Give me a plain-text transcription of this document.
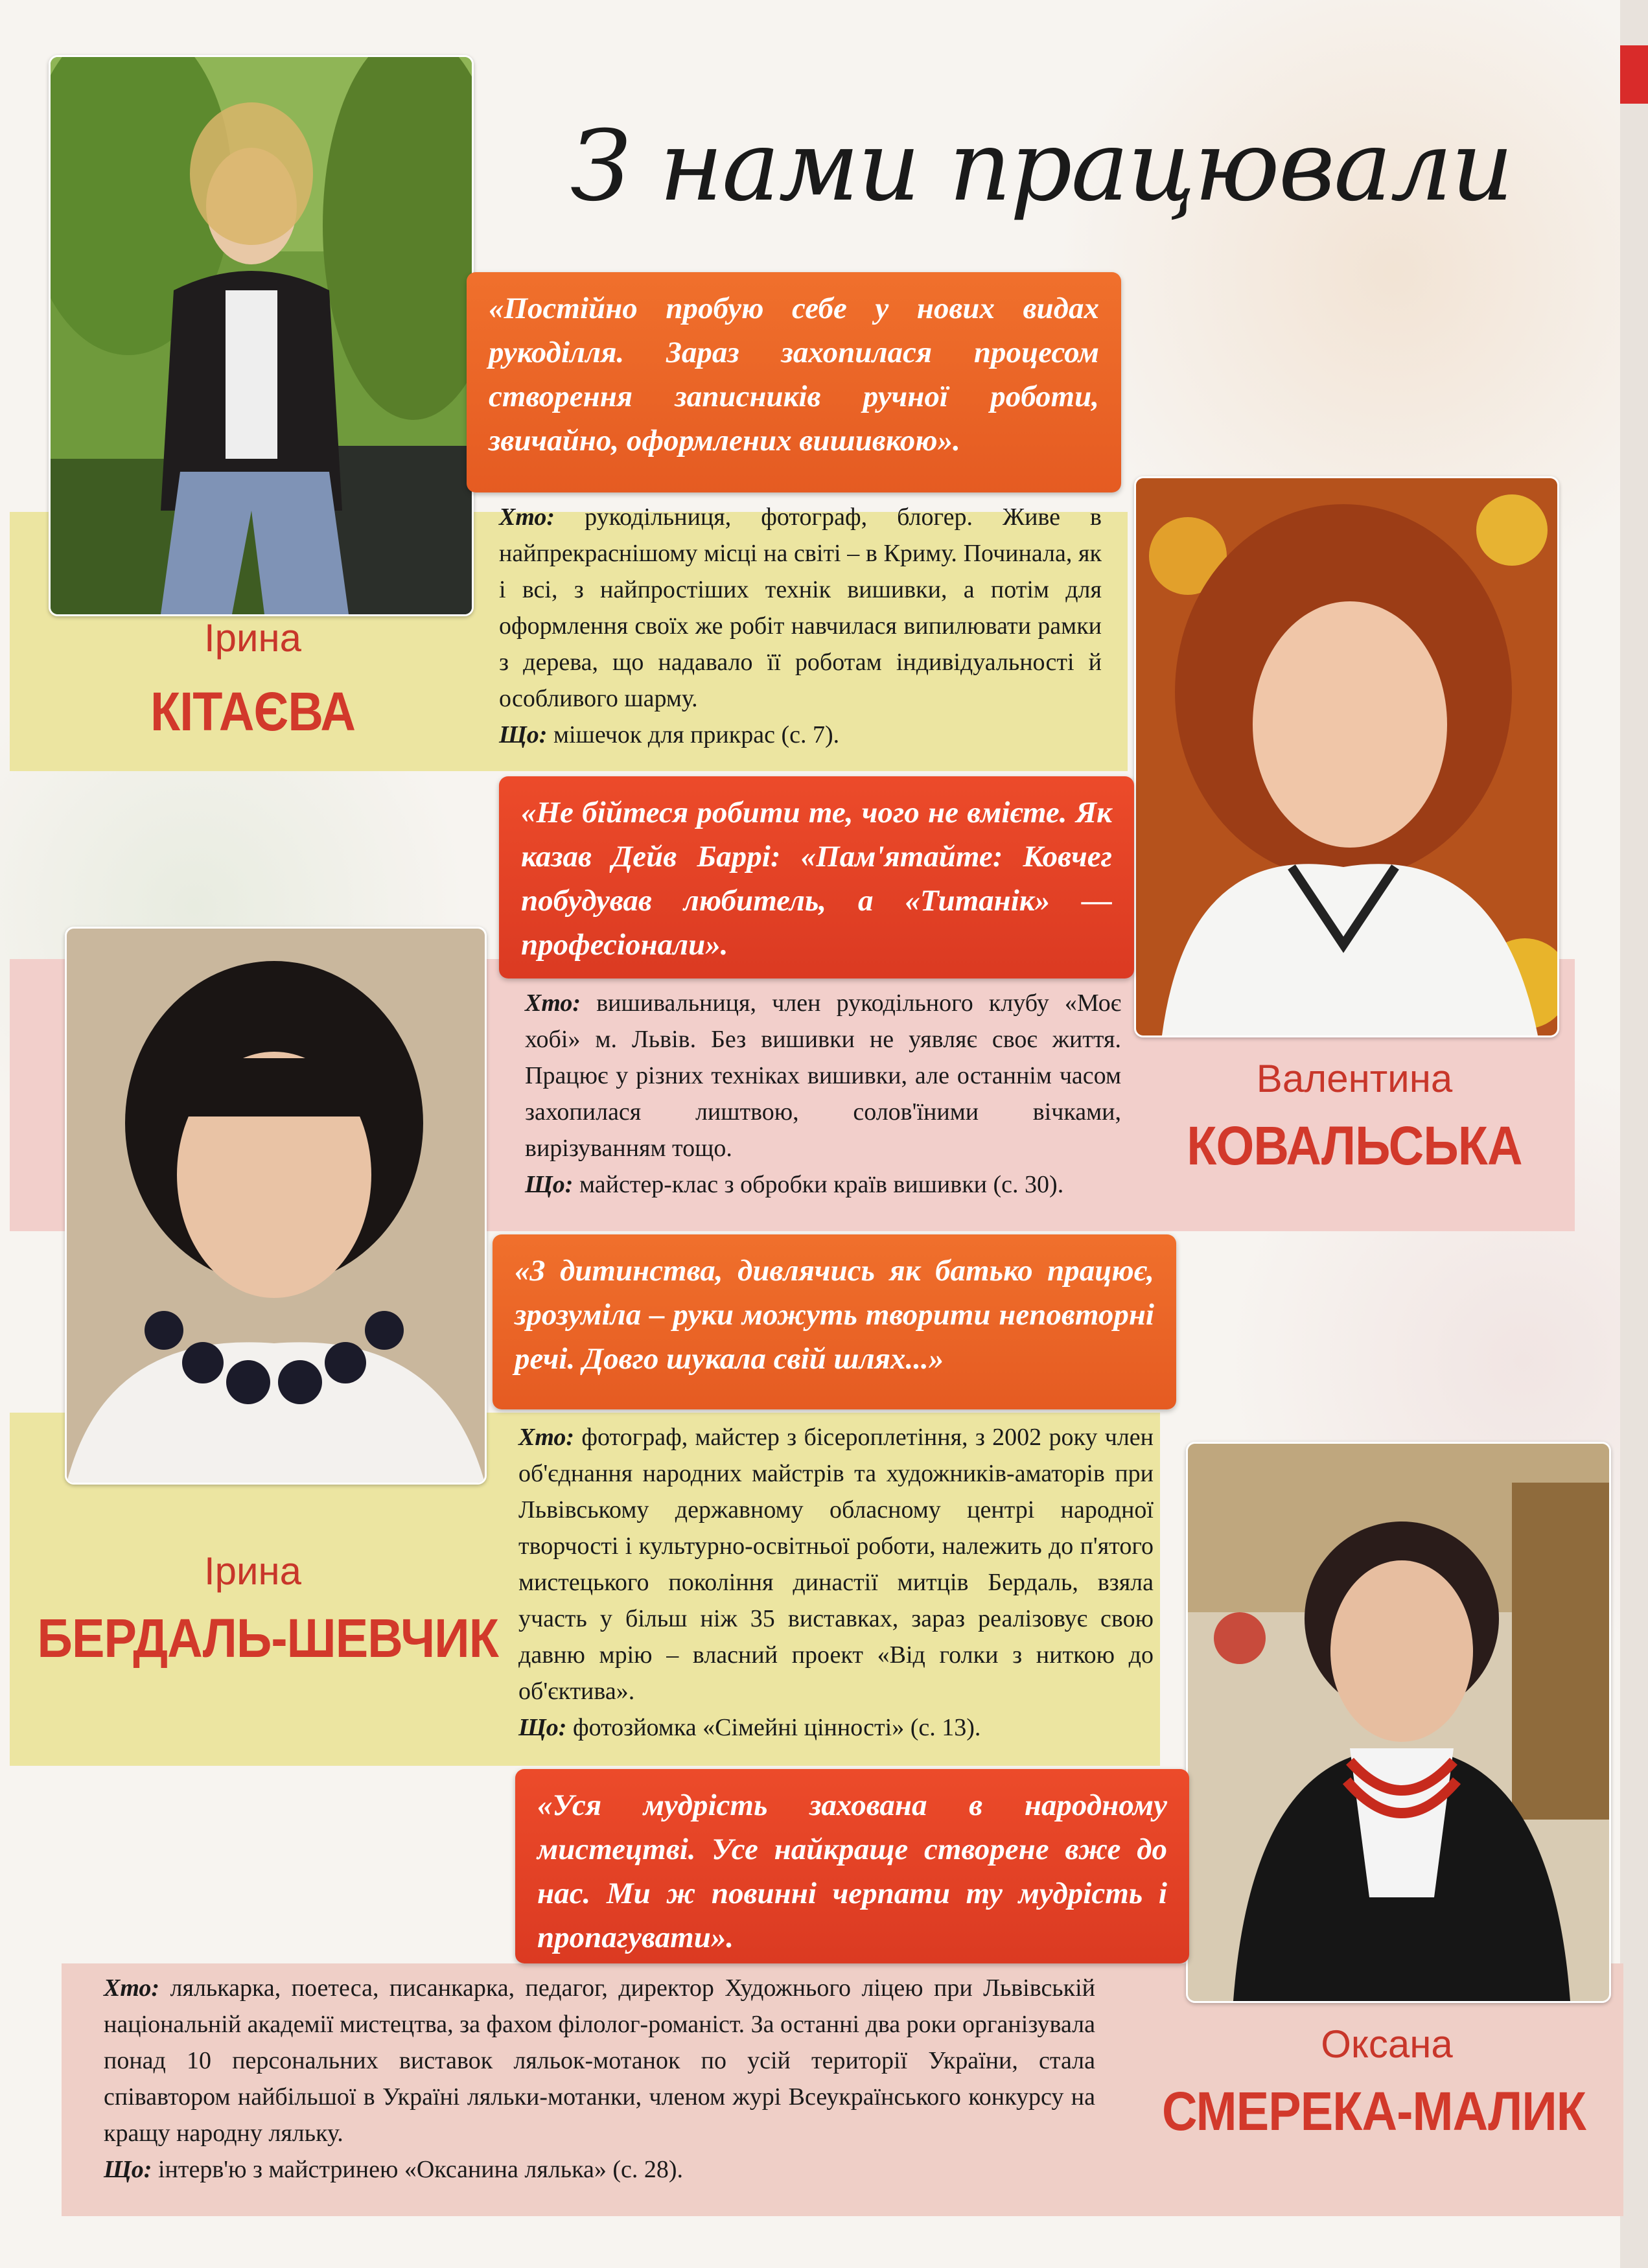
З нами працювали
«Постійно пробую себе у нових видах рукоділля. Зараз захопилася процесом створення записників ручної роботи, звичайно, оформлених вишивкою».

Хто: рукодільниця, фотограф, блогер. Живе в найпрекраснішому місці на світі – в Криму. Починала, як і всі, з найпростіших технік вишивки, а потім для оформлення своїх же робіт навчилася випилювати рамки з дерева, що надавало її роботам індивідуальності й особливого шарму.

Що: мішечок для прикрас (с. 7).

Ірина
КІТАЄВА
«Не бійтеся робити те, чого не вмієте. Як казав Дейв Баррі: «Пам'ятайте: Ковчег побудував любитель, а «Титанік» — професіонали».

Хто: вишивальниця, член рукодільного клубу «Моє хобі» м. Львів. Без вишивки не уявляє своє життя. Працює у різних техніках вишивки, але останнім часом захопилася лиштвою, солов'їними вічками, вирізуванням тощо.

Що: майстер-клас з обробки країв вишивки (с. 30).

Валентина
КОВАЛЬСЬКА
«З дитинства, дивлячись як батько працює, зрозуміла – руки можуть творити неповторні речі. Довго шукала свій шлях...»

Хто: фотограф, майстер з бісероплетіння, з 2002 року член об'єднання народних майстрів та художників-аматорів при Львівському державному обласному центрі народної творчості і культурно-освітньої роботи, належить до п'ятого мистецького покоління династії митців Бердаль, взяла участь у більш ніж 35 виставках, зараз реалізовує свою давню мрію – власний проект «Від голки з ниткою до об'єктива».

Що: фотозйомка «Сімейні цінності» (с. 13).

Ірина
БЕРДАЛЬ-ШЕВЧИК
«Уся мудрість захована в народному мистецтві. Усе найкраще створене вже до нас. Ми ж повинні черпати ту мудрість і пропагувати».

Хто: лялькарка, поетеса, писанкарка, педагог, директор Художнього ліцею при Львівській національній академії мистецтва, за фахом філолог-романіст. За останні два роки організувала понад 10 персональних виставок ляльок-мотанок по усій території України, стала співавтором найбільшої в Україні ляльки-мотанки, членом журі Всеукраїнського конкурсу на кращу народну ляльку.

Що: інтерв'ю з майстринею «Оксанина лялька» (с. 28).

Оксана
СМЕРЕКА-МАЛИК
